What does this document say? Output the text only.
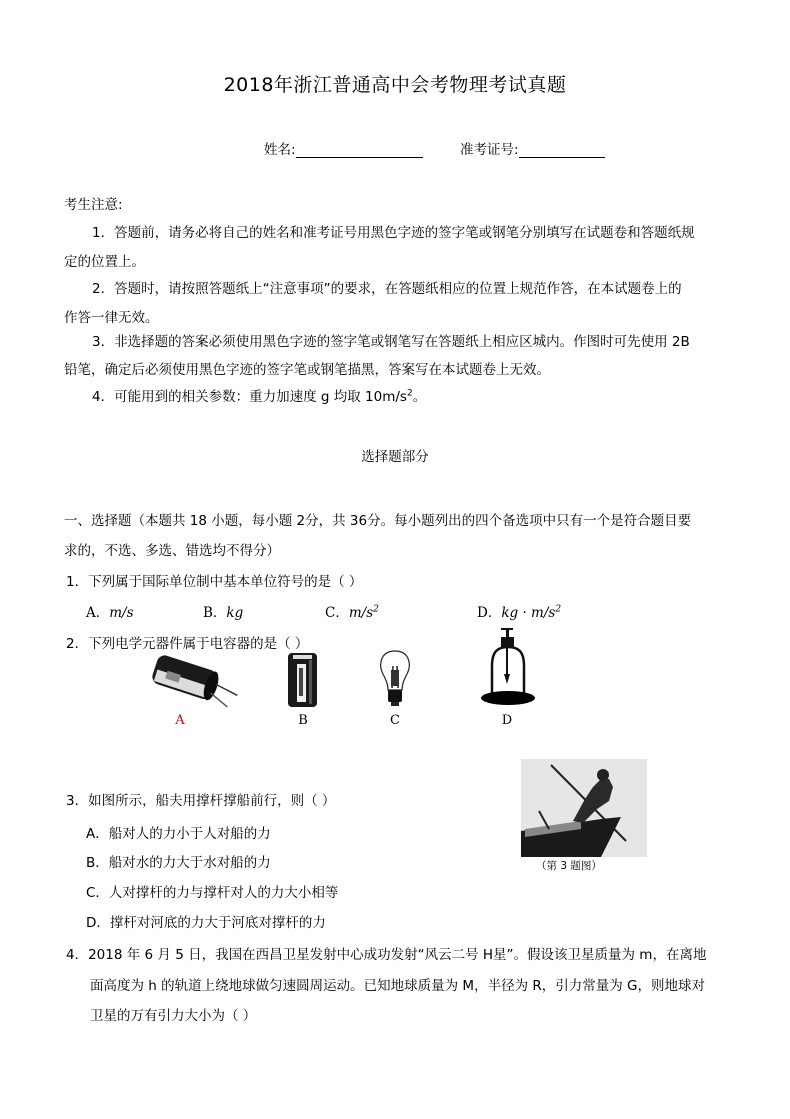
2018年浙江普通高中会考物理考试真题
姓名:	准考证号:
考生注意:
1．答题前，请务必将自己的姓名和准考证号用黑色字迹的签字笔或钢笔分别填写在试题卷和答题纸规
定的位置上。
2．答题时，请按照答题纸上“注意事项”的要求，在答题纸相应的位置上规范作答，在本试题卷上的
作答一律无效。
3．非选择题的答案必须使用黑色字迹的签字笔或钢笔写在答题纸上相应区城内。作图时可先使用 2B
铅笔，确定后必须使用黑色字迹的签字笔或钢笔描黑，答案写在本试题卷上无效。
4．可能用到的相关参数：重力加速度 g 均取 $10m/s^2$。
选择题部分
一、选择题（本题共 18 小题，每小题 2分，共 36分。每小题列出的四个备选项中只有一个是符合题目要
求的，不选、多选、错选均不得分）
1．下列属于国际单位制中基本单位符号的是（ ）
A．m/s	B．kg	C．$m/s^2$	D．kg · $m/s^2$
2．下列电学元器件属于电容器的是（ ）
A	B	C	D
3．如图所示，船夫用撑杆撑船前行，则（ ）
A．船对人的力小于人对船的力
B．船对水的力大于水对船的力
C．人对撑杆的力与撑杆对人的力大小相等
D．撑杆对河底的力大于河底对撑杆的力
（第 3 题图）
4．2018 年 6 月 5 日，我国在西昌卫星发射中心成功发射“风云二号 H星”。假设该卫星质量为 m，在离地
面高度为 h 的轨道上绕地球做匀速圆周运动。已知地球质量为 M，半径为 R，引力常量为 G，则地球对
卫星的万有引力大小为（ ）
